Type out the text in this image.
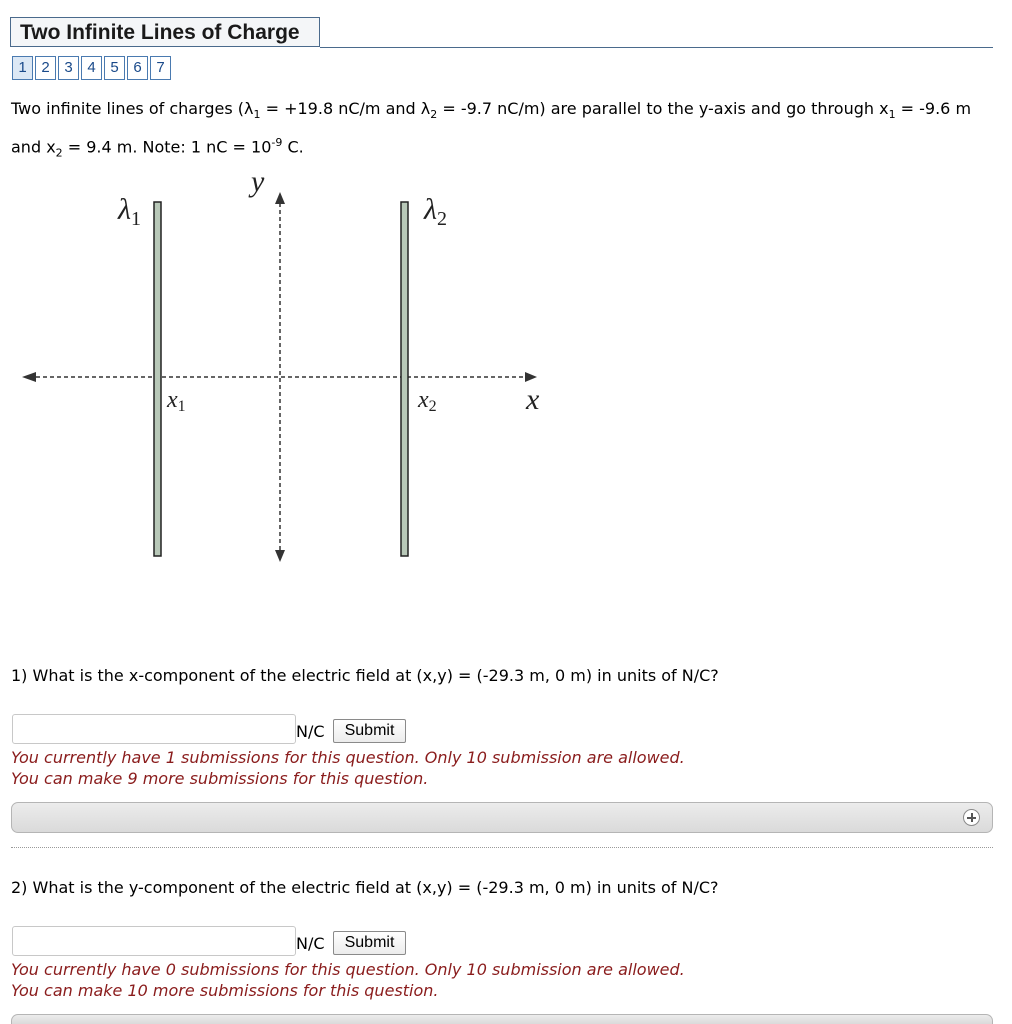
Two Infinite Lines of Charge
1 2 3 4 5 6 7
Two infinite lines of charges ($\lambda_1 = +19.8$ nC/m and $\lambda_2 = -9.7$ nC/m) are parallel to the y-axis and go through $x_1 = -9.6$ m and $x_2 = 9.4$ m. Note: 1 nC = $10^{-9}$ C.
y
x
$\lambda_1$	$\lambda_2$
x1	x2
1) What is the x-component of the electric field at (x,y) = (-29.3 m, 0 m) in units of N/C?
N/C	Submit
You currently have 1 submissions for this question. Only 10 submission are allowed.
You can make 9 more submissions for this question.
2) What is the y-component of the electric field at (x,y) = (-29.3 m, 0 m) in units of N/C?
N/C	Submit
You currently have 0 submissions for this question. Only 10 submission are allowed.
You can make 10 more submissions for this question.
